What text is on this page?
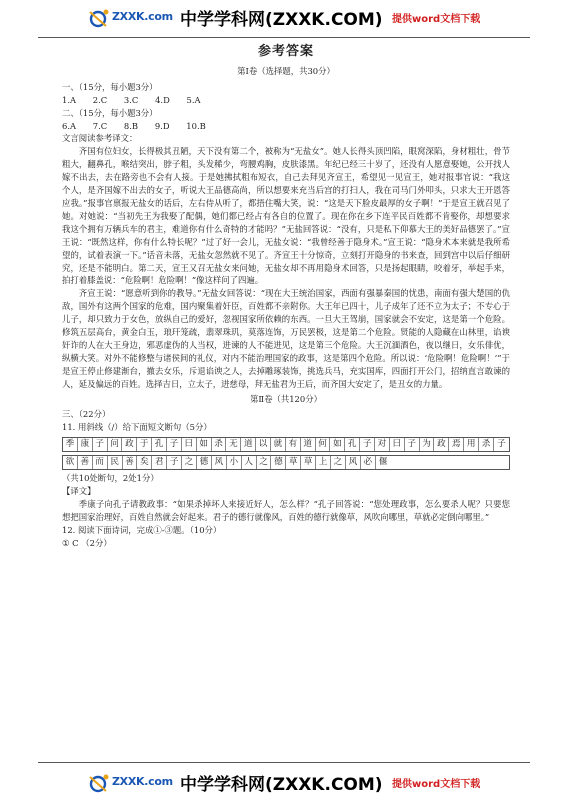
ZXXK.com 中学学科网(ZXXK.COM) 提供word文档下载
参考答案
第Ⅰ卷（选择题，共30分）
一、（15分，每小题3分）
1.A　　2.C　　3.C　　4.D　　5.A
二、（15分，每小题3分）
6.A　　7.C　　8.B　　9.D　　10.B
文言阅读参考译文：

齐国有位妇女，长得极其丑陋，天下没有第二个，被称为“无盐女”。她人长得头顶凹陷，眼窝深陷，身材粗壮，骨节粗大，翻鼻孔，喉结突出，脖子粗，头发稀少，弯腰鸡胸，皮肤漆黑。年纪已经三十岁了，还没有人愿意娶她，公开找人嫁不出去，去在路旁也不会有人接。于是她拂拭粗布短衣，自己去拜见齐宣王，希望见一见宣王，她对报事官说：“我这个人，是齐国嫁不出去的女子，听说大王品德高尚，所以想要来充当后宫的打扫人，我在司马门外叩头，只求大王开恩答应我。”报事官禀报无盐女的话后，左右侍从听了，都捂住嘴大笑，说：“这是天下脸皮最厚的女子啊！”于是宣王就召见了她。对她说：“当初先王为我娶了配偶，她们都已经占有各自的位置了。现在你在乡下连平民百姓都不肯娶你，却想要求我这个拥有万辆兵车的君主，难道你有什么奇特的才能吗？”无盐回答说：“没有，只是私下仰慕大王的美好品德罢了。”宣王说：“既然这样，你有什么特长呢？”过了好一会儿，无盐女说：“我曾经善于隐身术。”宣王说：“隐身术本来就是我所希望的，试着表演一下。”话音未落，无盐女忽然就不见了。齐宣王十分惊奇，立刻打开隐身的书来查，回到宫中以后仔细研究，还是不能明白。第二天，宣王又召无盐女来问她，无盐女却不再用隐身术回答，只是扬起眼睛，咬着牙，举起手来，拍打着膝盖说：“危险啊！危险啊！”像这样问了四遍。

齐宣王说：“愿意听到你的教导。”无盐女回答说：“现在大王统治国家，西面有强暴秦国的忧患，南面有强大楚国的仇敌，国外有这两个国家的危难，国内聚集着奸臣，百姓都不亲附你。大王年已四十，儿子成年了还不立为太子；不专心于儿子，却只致力于女色，放纵自己的爱好，忽视国家所依赖的东西。一旦大王驾崩，国家就会不安定，这是第一个危险。修筑五层高台，黄金白玉，琅玕笼疏，翡翠珠玑，莫落连饰，万民罢极，这是第二个危险。贤能的人隐藏在山林里，谄谀奸诈的人在大王身边，邪恶虚伪的人当权，进谏的人不能进见，这是第三个危险。大王沉湎酒色，夜以继日，女乐俳优，纵横大笑。对外不能修整与诸侯间的礼仪，对内不能治理国家的政事，这是第四个危险。所以说：‘危险啊！危险啊！’”于是宣王停止修建渐台，撤去女乐，斥退谄谀之人，去掉雕琢装饰，挑选兵马，充实国库，四面打开公门，招纳直言敢谏的人，延及偏远的百姓。选择吉日，立太子，进慈母，拜无盐君为王后，而齐国大安定了，是丑女的力量。

第Ⅱ卷（共120分）
三、（22分）
11. 用斜线（/）给下面短文断句（5分）
季 康 子 问 政 于 孔 子 曰 如 杀 无 道 以 就 有 道 何 如 孔 子 对 曰 子 为 政 焉 用 杀 子
欲 善 而 民 善 矣 君 子 之 德 风 小 人 之 德 草 草 上 之 风 必 偃
（共10处断句，2处1分）
【译文】

季康子向孔子请教政事：“如果杀掉坏人来接近好人，怎么样？”孔子回答说：“您处理政事，怎么要杀人呢？只要您想把国家治理好，百姓自然就会好起来。君子的德行就像风，百姓的德行就像草，风吹向哪里，草就必定倒向哪里。”

12. 阅读下面诗词，完成①-③题。（10分）
① C （2分）
ZXXK.com 中学学科网(ZXXK.COM) 提供word文档下载
